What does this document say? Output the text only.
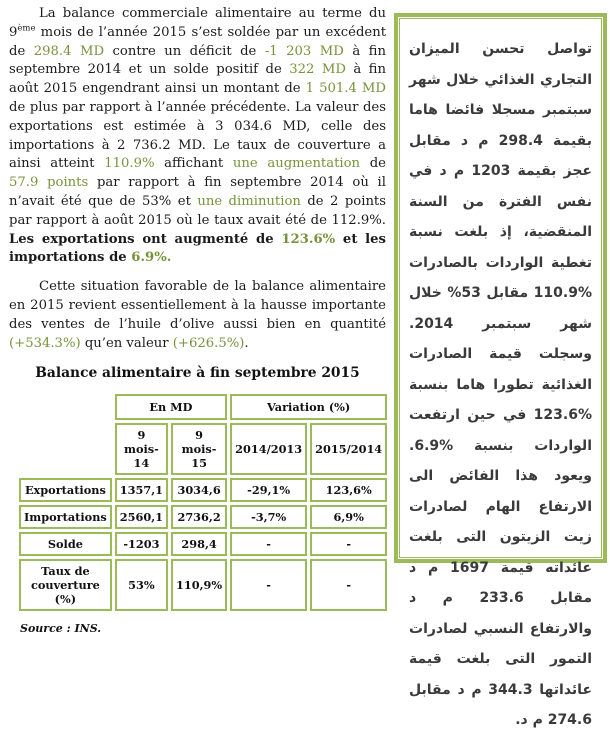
La balance commerciale alimentaire au terme du 9ème mois de l’année 2015 s’est soldée par un excédent de 298.4 MD contre un déficit de -1 203 MD à fin septembre 2014 et un solde positif de 322 MD à fin août 2015 engendrant ainsi un montant de 1 501.4 MD de plus par rapport à l’année précédente. La valeur des exportations est estimée à 3 034.6 MD, celle des importations à 2 736.2 MD. Le taux de couverture a ainsi atteint 110.9% affichant une augmentation de 57.9 points par rapport à fin septembre 2014 où il n’avait été que de 53% et une diminution de 2 points par rapport à août 2015 où le taux avait été de 112.9%. Les exportations ont augmenté de 123.6% et les importations de 6.9%.

Cette situation favorable de la balance alimentaire en 2015 revient essentiellement à la hausse importante des ventes de l’huile d’olive aussi bien en quantité (+534.3%) qu’en valeur (+626.5%).

Balance alimentaire à fin septembre 2015
	En MD		Variation (%)	
	9 mois-14	9 mois-15	2014/2013	2015/2014
Exportations	1357,1	3034,6	-29,1%	123,6%
Importations	2560,1	2736,2	-3,7%	6,9%
Solde	-1203	298,4	-	-
Taux de couverture (%)	53%	110,9%	-	-
Source : INS.

تواصل تحسن الميزان التجاري الغذائي خلال شهر سبتمبر مسجلا فائضا هاما بقيمة 298.4 م د مقابل عجز بقيمة 1203 م د في نفس الفترة من السنة المنقضية، إذ بلغت نسبة تغطية الواردات بالصادرات %110.9 مقابل 53% خلال شهر سبتمبر 2014. وسجلت قيمة الصادرات الغذائية تطورا هاما بنسبة %123.6 في حين ارتفعت الواردات بنسبة %6.9. ويعود هذا الفائض الى الارتفاع الهام لصادرات زيت الزيتون التى بلغت عائداته قيمة 1697 م د مقابل 233.6 م د والارتفاع النسبي لصادرات التمور التى بلغت قيمة عائداتها 344.3 م د مقابل 274.6 م د.
